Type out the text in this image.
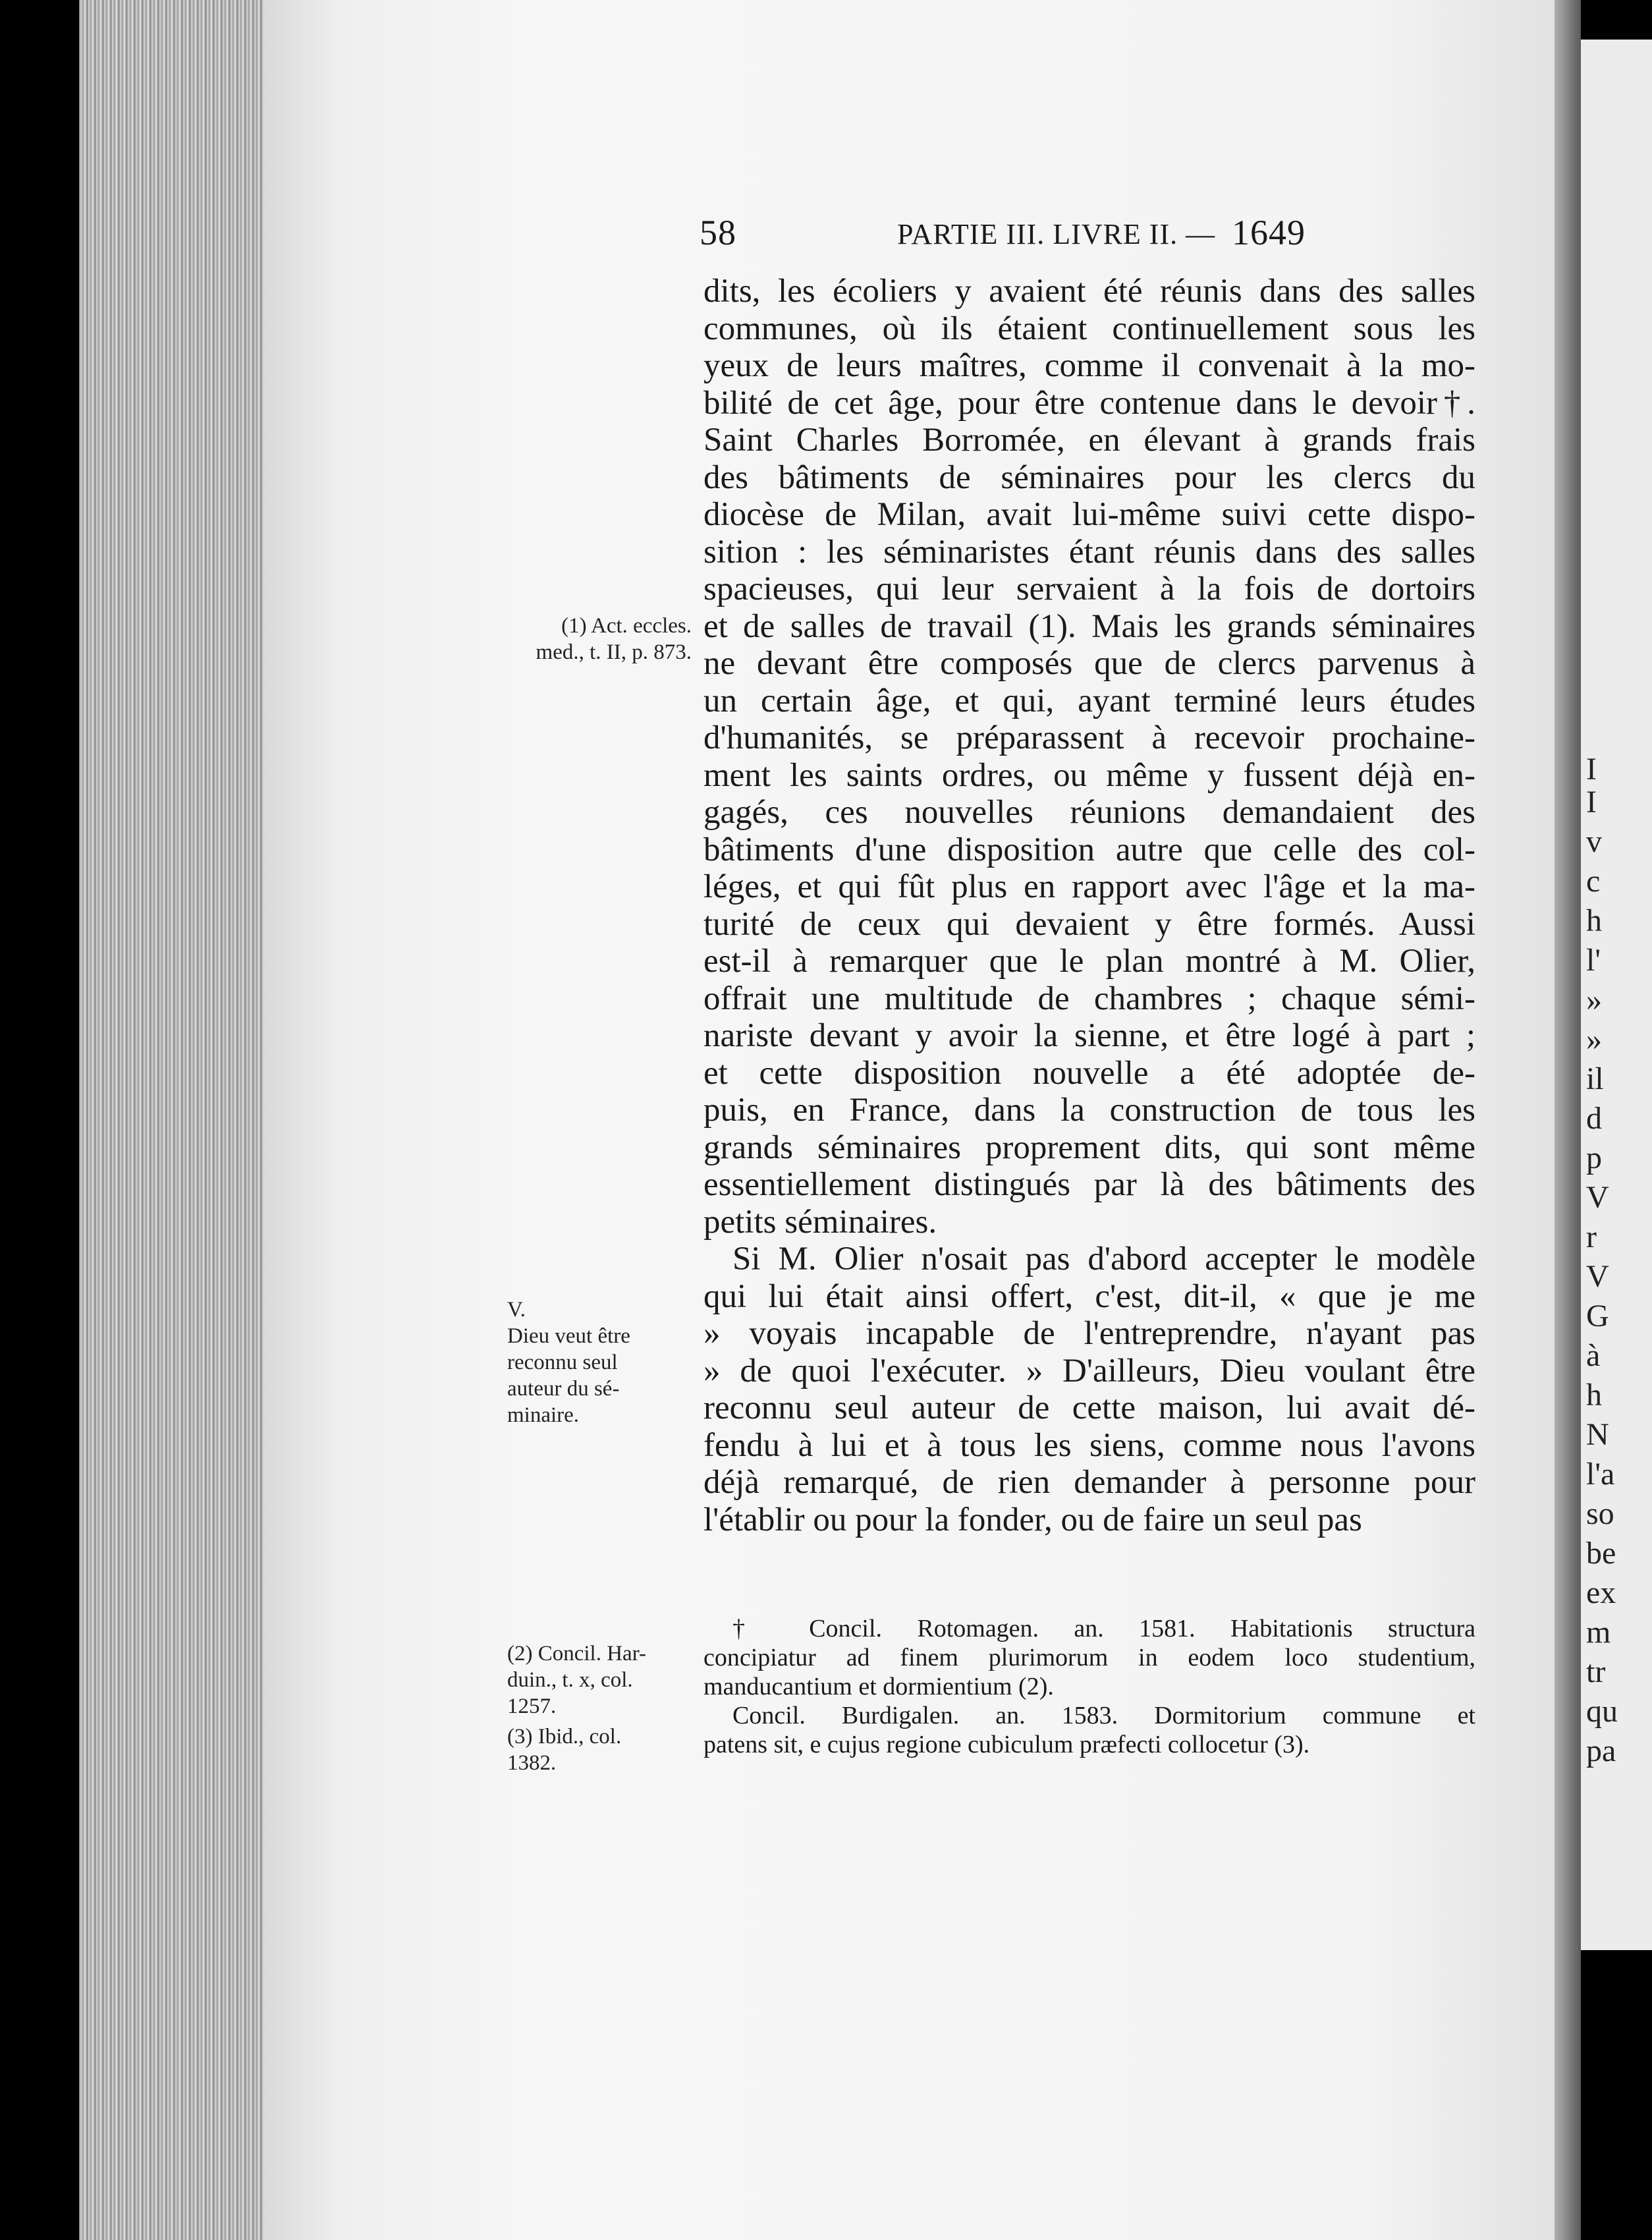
I
I
v
c
h
l'
»
»
il
d
p
V
r
V
G
à
h
N
l'a
so
be
ex
m
tr
qu
pa
58	PARTIE III. LIVRE II. — 1649
dits, les écoliers y avaient été réunis dans des salles
communes, où ils étaient continuellement sous les
yeux de leurs maîtres, comme il convenait à la mo-
bilité de cet âge, pour être contenue dans le devoir†.
Saint Charles Borromée, en élevant à grands frais
des bâtiments de séminaires pour les clercs du
diocèse de Milan, avait lui-même suivi cette dispo-
sition : les séminaristes étant réunis dans des salles
spacieuses, qui leur servaient à la fois de dortoirs
et de salles de travail (1). Mais les grands séminaires
ne devant être composés que de clercs parvenus à
un certain âge, et qui, ayant terminé leurs études
d'humanités, se préparassent à recevoir prochaine-
ment les saints ordres, ou même y fussent déjà en-
gagés, ces nouvelles réunions demandaient des
bâtiments d'une disposition autre que celle des col-
léges, et qui fût plus en rapport avec l'âge et la ma-
turité de ceux qui devaient y être formés. Aussi
est-il à remarquer que le plan montré à M. Olier,
offrait une multitude de chambres ; chaque sémi-
nariste devant y avoir la sienne, et être logé à part ;
et cette disposition nouvelle a été adoptée de-
puis, en France, dans la construction de tous les
grands séminaires proprement dits, qui sont même
essentiellement distingués par là des bâtiments des
petits séminaires.
Si M. Olier n'osait pas d'abord accepter le modèle
qui lui était ainsi offert, c'est, dit-il, « que je me
» voyais incapable de l'entreprendre, n'ayant pas
» de quoi l'exécuter. » D'ailleurs, Dieu voulant être
reconnu seul auteur de cette maison, lui avait dé-
fendu à lui et à tous les siens, comme nous l'avons
déjà remarqué, de rien demander à personne pour
l'établir ou pour la fonder, ou de faire un seul pas
(1) Act. eccles.
med., t. II, p. 873.
V.
Dieu veut être
reconnu seul
auteur du sé-
minaire.
(2) Concil. Har-
duin., t. x, col.
1257.
(3) Ibid., col.
1382.
† Concil. Rotomagen. an. 1581. Habitationis structura
concipiatur ad finem plurimorum in eodem loco studentium,
manducantium et dormientium (2).
Concil. Burdigalen. an. 1583. Dormitorium commune et
patens sit, e cujus regione cubiculum præfecti collocetur (3).
